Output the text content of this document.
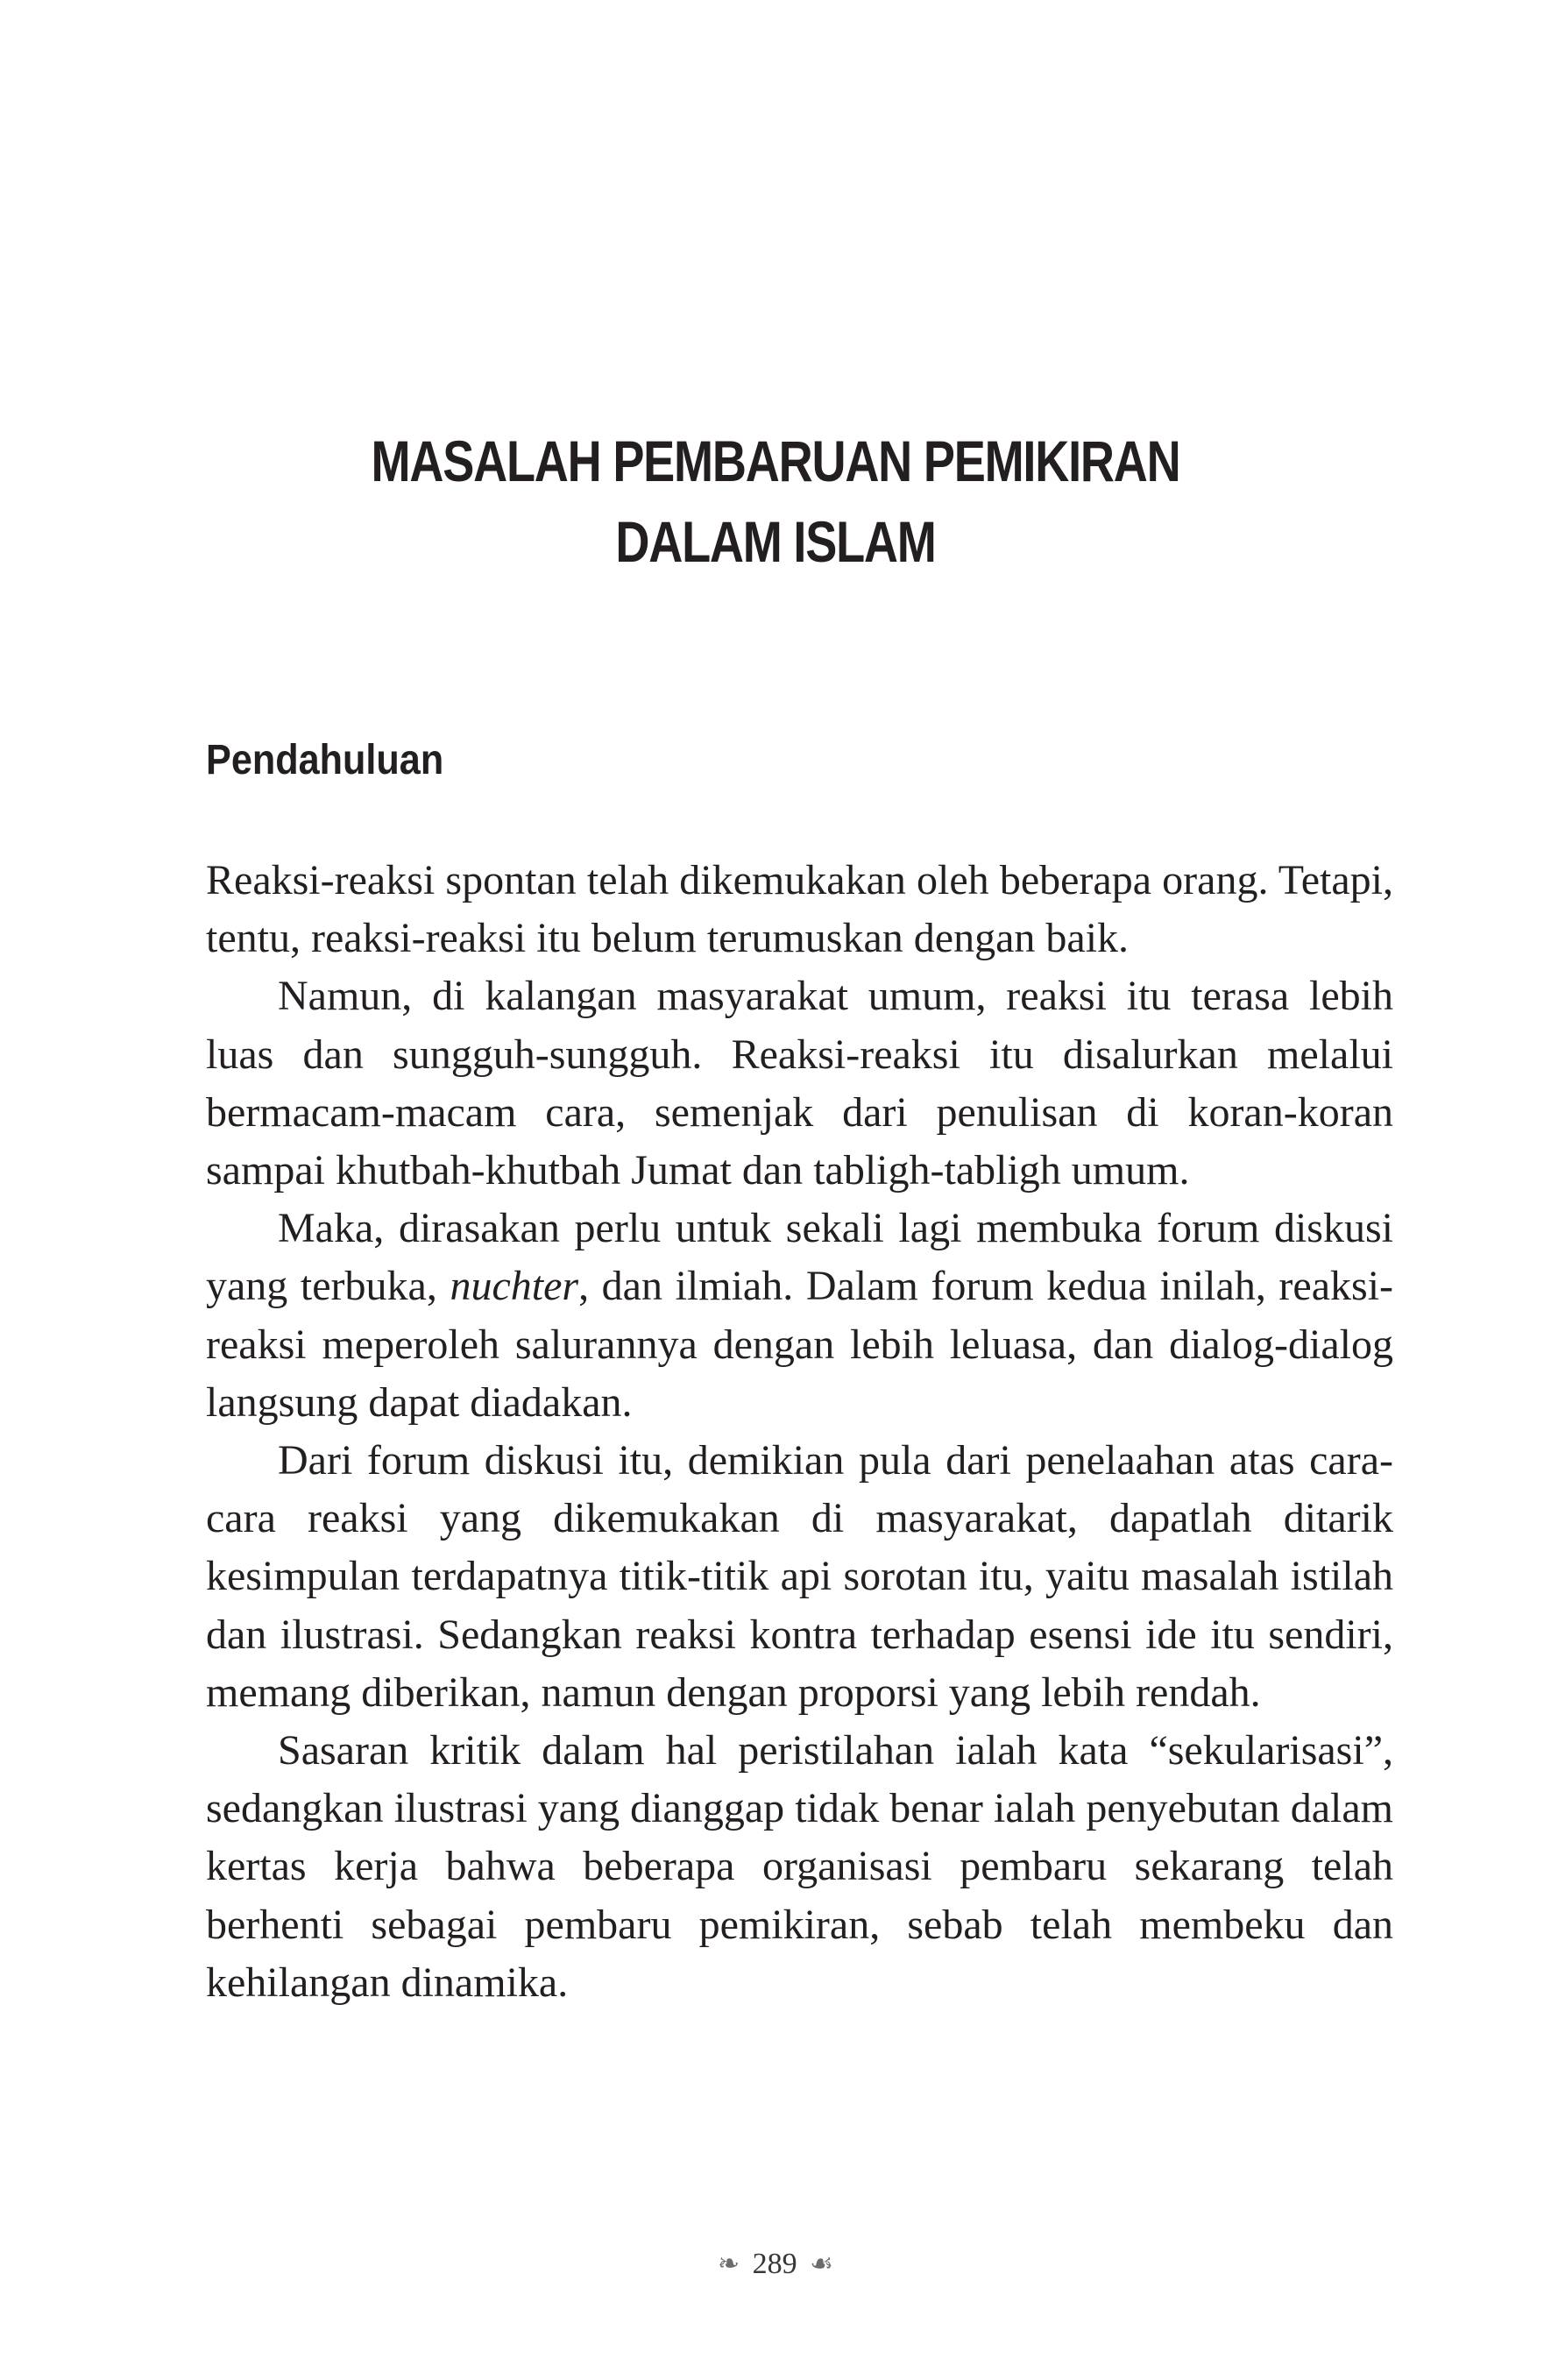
MASALAH PEMBARUAN PEMIKIRAN
DALAM ISLAM
Pendahuluan

Reaksi-reaksi spontan telah dikemukakan oleh beberapa orang. Tetapi, tentu, reaksi-reaksi itu belum terumuskan dengan baik.

Namun, di kalangan masyarakat umum, reaksi itu terasa lebih luas dan sungguh-sungguh. Reaksi-reaksi itu disalurkan melalui bermacam-macam cara, semenjak dari penulisan di koran-koran sampai khutbah-khutbah Jumat dan tabligh-tabligh umum.

Maka, dirasakan perlu untuk sekali lagi membuka forum diskusi yang terbuka, nuchter, dan ilmiah. Dalam forum kedua inilah, reaksi-reaksi meperoleh salurannya dengan lebih leluasa, dan dialog-dialog langsung dapat diadakan.

Dari forum diskusi itu, demikian pula dari penelaahan atas cara-cara reaksi yang dikemukakan di masyarakat, dapatlah ditarik kesimpulan terdapatnya titik-titik api sorotan itu, yaitu masalah istilah dan ilustrasi. Sedangkan reaksi kontra terhadap esensi ide itu sendiri, memang diberikan, namun dengan proporsi yang lebih rendah.

Sasaran kritik dalam hal peristilahan ialah kata “sekularisasi”, sedangkan ilustrasi yang dianggap tidak benar ialah penyebutan dalam kertas kerja bahwa beberapa organisasi pembaru sekarang telah berhenti sebagai pembaru pemikiran, sebab telah membeku dan kehilangan dinamika.

❧ 289 ☙
